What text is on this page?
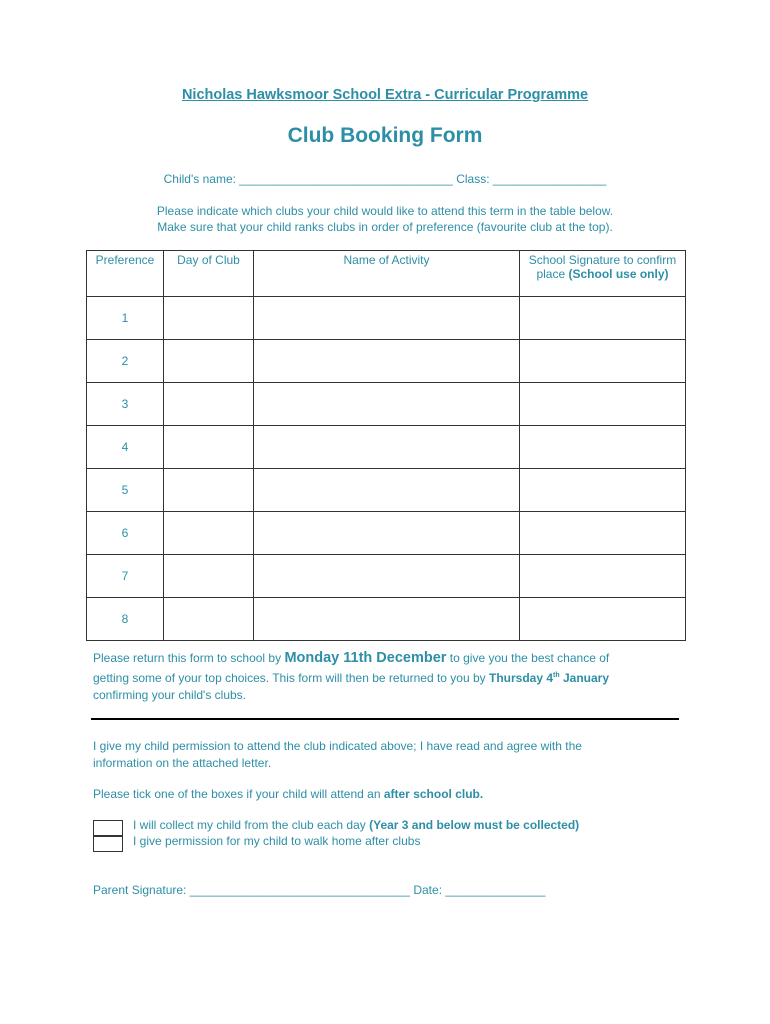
Nicholas Hawksmoor School Extra - Curricular Programme
Club Booking Form
Child's name: ________________________________ Class: _________________
Please indicate which clubs your child would like to attend this term in the table below.
Make sure that your child ranks clubs in order of preference (favourite club at the top).
Preference	Day of Club	Name of Activity	School Signature to confirm place (School use only)
1			
2			
3			
4			
5			
6			
7			
8			
Please return this form to school by Monday 11th December to give you the best chance of
getting some of your top choices. This form will then be returned to you by Thursday 4th January
confirming your child's clubs.
I give my child permission to attend the club indicated above; I have read and agree with the
information on the attached letter.
Please tick one of the boxes if your child will attend an after school club.
I will collect my child from the club each day (Year 3 and below must be collected)
I give permission for my child to walk home after clubs
Parent Signature: _________________________________ Date: _______________
